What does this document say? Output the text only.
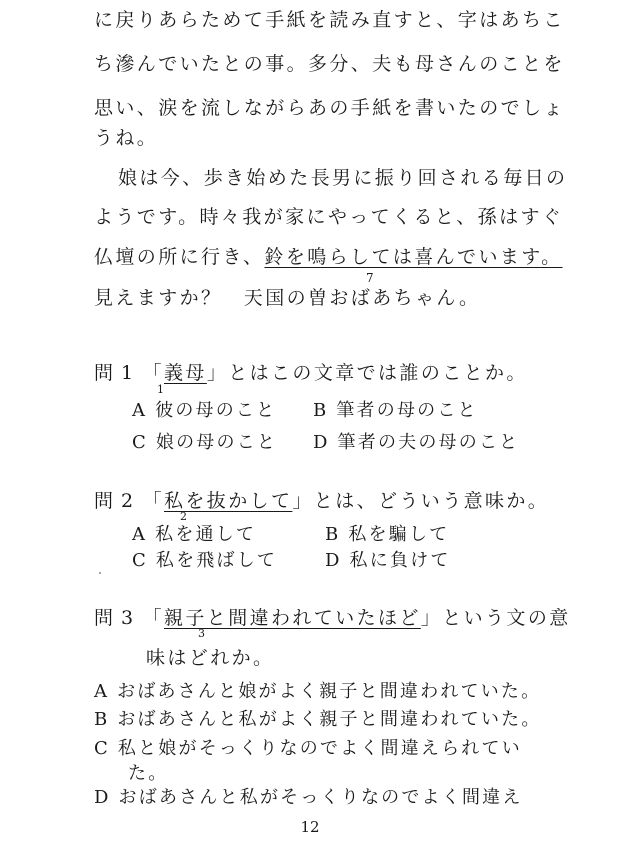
に戻りあらためて手紙を読み直すと、字はあちこ
ち滲んでいたとの事。多分、夫も母さんのことを
思い、涙を流しながらあの手紙を書いたのでしょ
うね。
娘は今、歩き始めた長男に振り回される毎日の
ようです。時々我が家にやってくると、孫はすぐ
仏壇の所に行き、鈴を鳴らしては喜んでいます。
7
見えますか？　天国の曽おばあちゃん。
問 1 「義母」とはこの文章では誰のことか。
1
A 彼の母のこと B 筆者の母のこと
C 娘の母のこと D 筆者の夫の母のこと
問 2 「私を抜かして」とは、どういう意味か。
2
A 私を通して	B 私を騙して
C 私を飛ばして	D 私に負けて
問 3 「親子と間違われていたほど」という文の意
3
味はどれか。
A おばあさんと娘がよく親子と間違われていた。
B おばあさんと私がよく親子と間違われていた。
C 私と娘がそっくりなのでよく間違えられてい
た。
D おばあさんと私がそっくりなのでよく間違え
12
